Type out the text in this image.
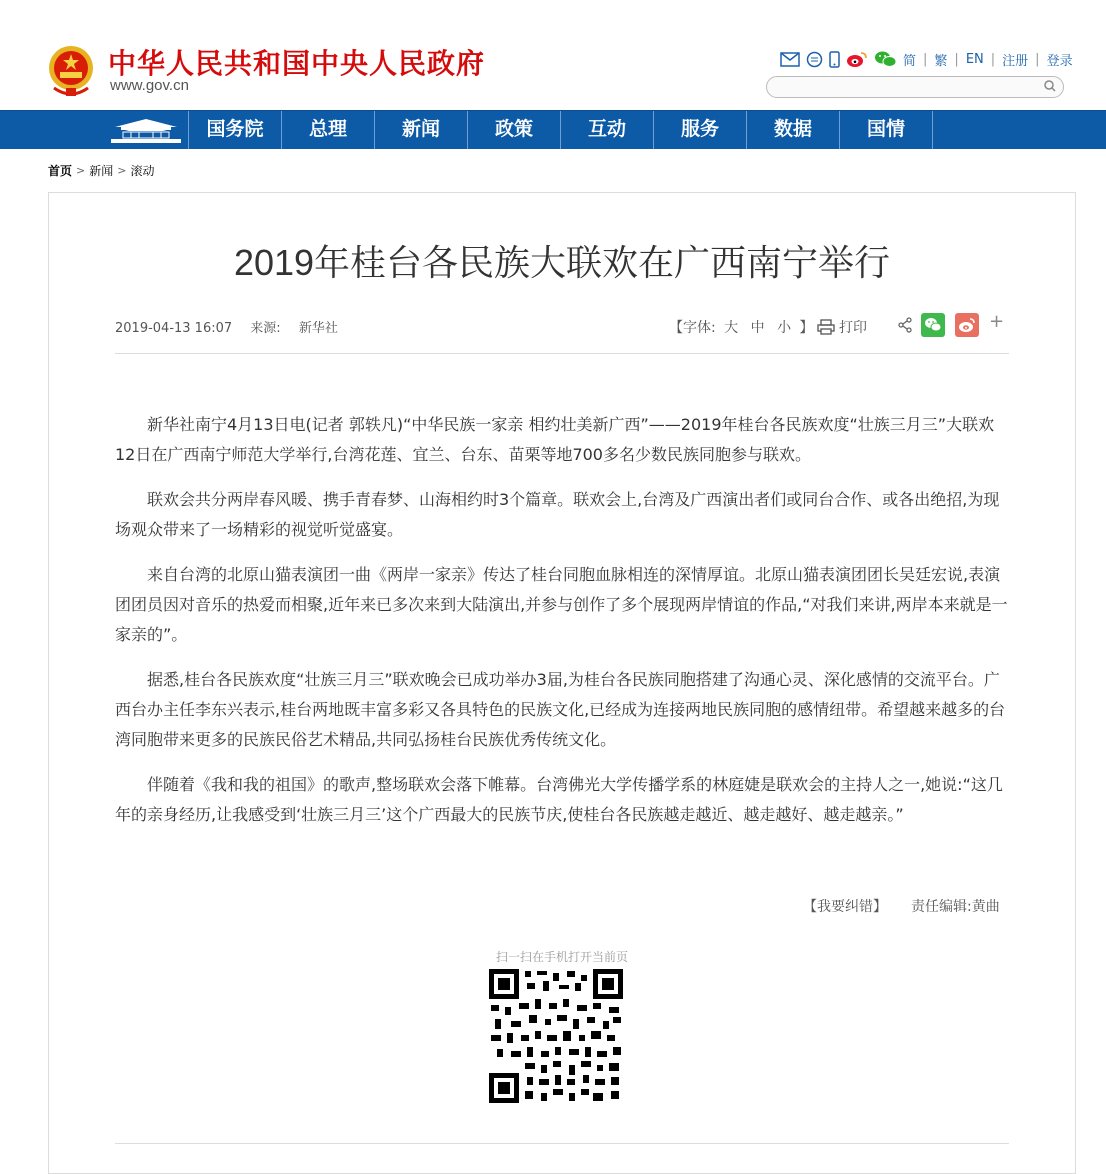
中华人民共和国中央人民政府
www.gov.cn
简 | 繁 | EN | 注册 | 登录
国务院	总理	新闻	政策	互动	服务	数据	国情
首页 > 新闻 > 滚动
2019年桂台各民族大联欢在广西南宁举行
2019-04-13 16:07 来源: 新华社	【字体: 大 中 小 】 打印	+

新华社南宁4月13日电(记者 郭轶凡)“中华民族一家亲 相约壮美新广西”——2019年桂台各民族欢度“壮族三月三”大联欢12日在广西南宁师范大学举行,台湾花莲、宜兰、台东、苗栗等地700多名少数民族同胞参与联欢。

联欢会共分两岸春风暖、携手青春梦、山海相约时3个篇章。联欢会上,台湾及广西演出者们或同台合作、或各出绝招,为现场观众带来了一场精彩的视觉听觉盛宴。

来自台湾的北原山猫表演团一曲《两岸一家亲》传达了桂台同胞血脉相连的深情厚谊。北原山猫表演团团长吴廷宏说,表演团团员因对音乐的热爱而相聚,近年来已多次来到大陆演出,并参与创作了多个展现两岸情谊的作品,“对我们来讲,两岸本来就是一家亲的”。

据悉,桂台各民族欢度“壮族三月三”联欢晚会已成功举办3届,为桂台各民族同胞搭建了沟通心灵、深化感情的交流平台。广西台办主任李东兴表示,桂台两地既丰富多彩又各具特色的民族文化,已经成为连接两地民族同胞的感情纽带。希望越来越多的台湾同胞带来更多的民族民俗艺术精品,共同弘扬桂台民族优秀传统文化。

伴随着《我和我的祖国》的歌声,整场联欢会落下帷幕。台湾佛光大学传播学系的林庭婕是联欢会的主持人之一,她说:“这几年的亲身经历,让我感受到‘壮族三月三’这个广西最大的民族节庆,使桂台各民族越走越近、越走越好、越走越亲。”

【我要纠错】 责任编辑:黄曲
扫一扫在手机打开当前页
